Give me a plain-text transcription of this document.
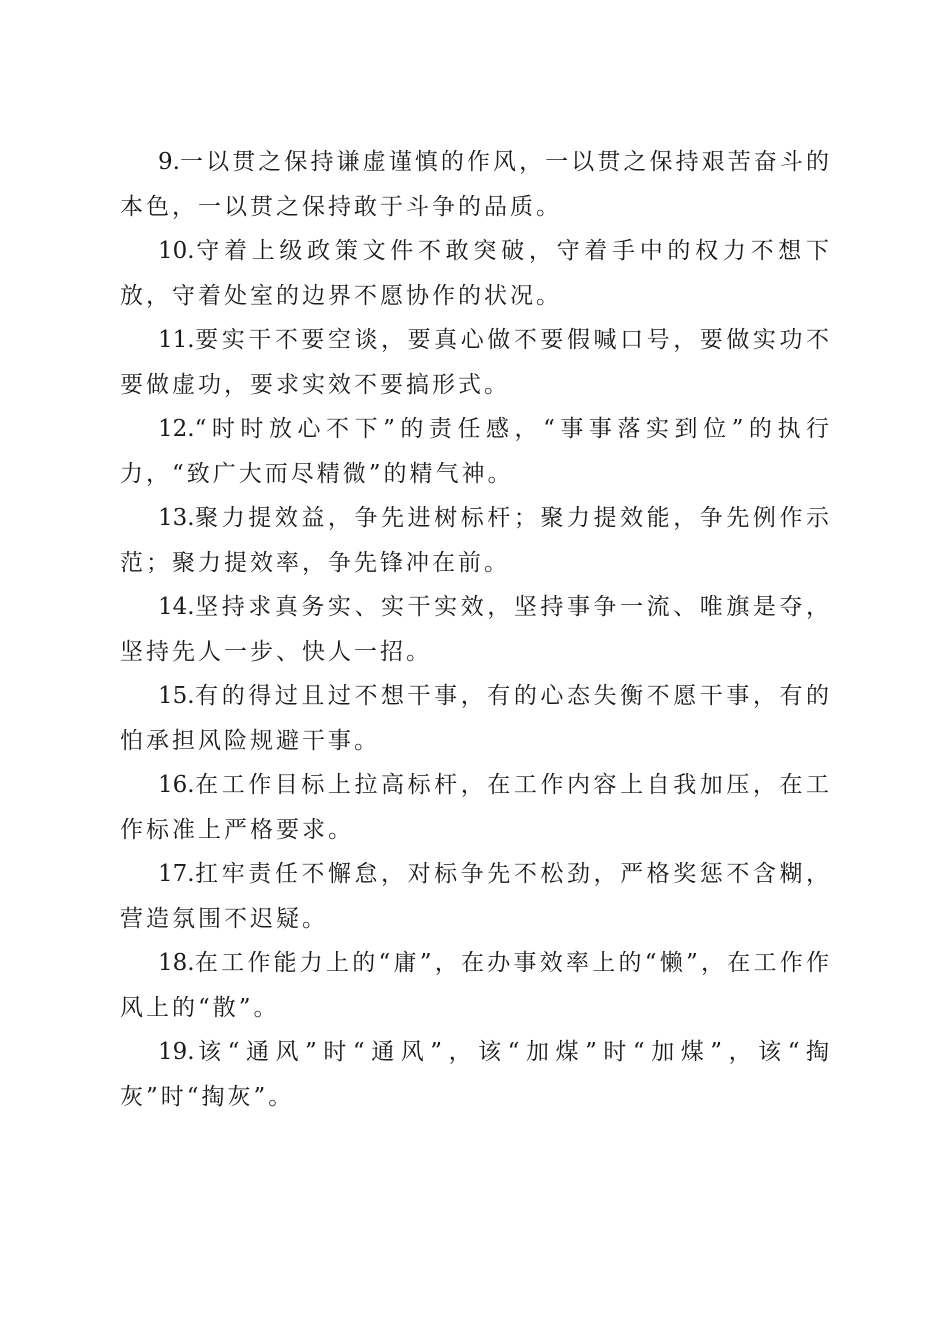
9.一以贯之保持谦虚谨慎的作风，一以贯之保持艰苦奋斗的本色，一以贯之保持敢于斗争的品质。

10.守着上级政策文件不敢突破，守着手中的权力不想下放，守着处室的边界不愿协作的状况。

11.要实干不要空谈，要真心做不要假喊口号，要做实功不要做虚功，要求实效不要搞形式。

12.“时时放心不下”的责任感，“事事落实到位”的执行力，“致广大而尽精微”的精气神。

13.聚力提效益，争先进树标杆；聚力提效能，争先例作示范；聚力提效率，争先锋冲在前。

14.坚持求真务实、实干实效，坚持事争一流、唯旗是夺，坚持先人一步、快人一招。

15.有的得过且过不想干事，有的心态失衡不愿干事，有的怕承担风险规避干事。

16.在工作目标上拉高标杆，在工作内容上自我加压，在工作标准上严格要求。

17.扛牢责任不懈怠，对标争先不松劲，严格奖惩不含糊，营造氛围不迟疑。

18.在工作能力上的“庸”，在办事效率上的“懒”，在工作作风上的“散”。

19.该“通风”时“通风”，该“加煤”时“加煤”，该“掏灰”时“掏灰”。
